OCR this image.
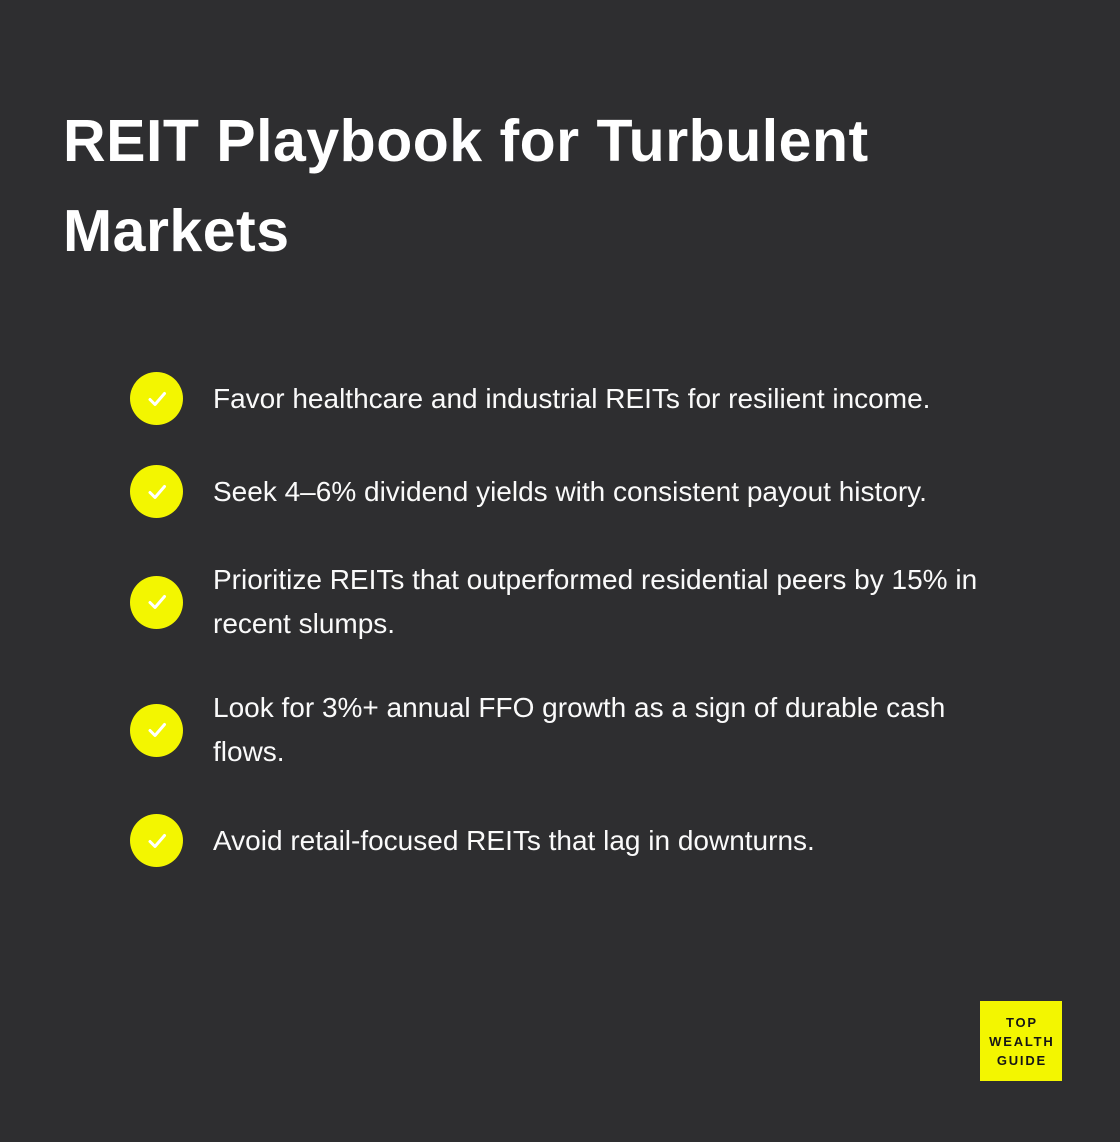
REIT Playbook for Turbulent Markets

Favor healthcare and industrial REITs for resilient income.

Seek 4–6% dividend yields with consistent payout history.

Prioritize REITs that outperformed residential peers by 15% in recent slumps.

Look for 3%+ annual FFO growth as a sign of durable cash flows.

Avoid retail-focused REITs that lag in downturns.

TOP
WEALTH
GUIDE
